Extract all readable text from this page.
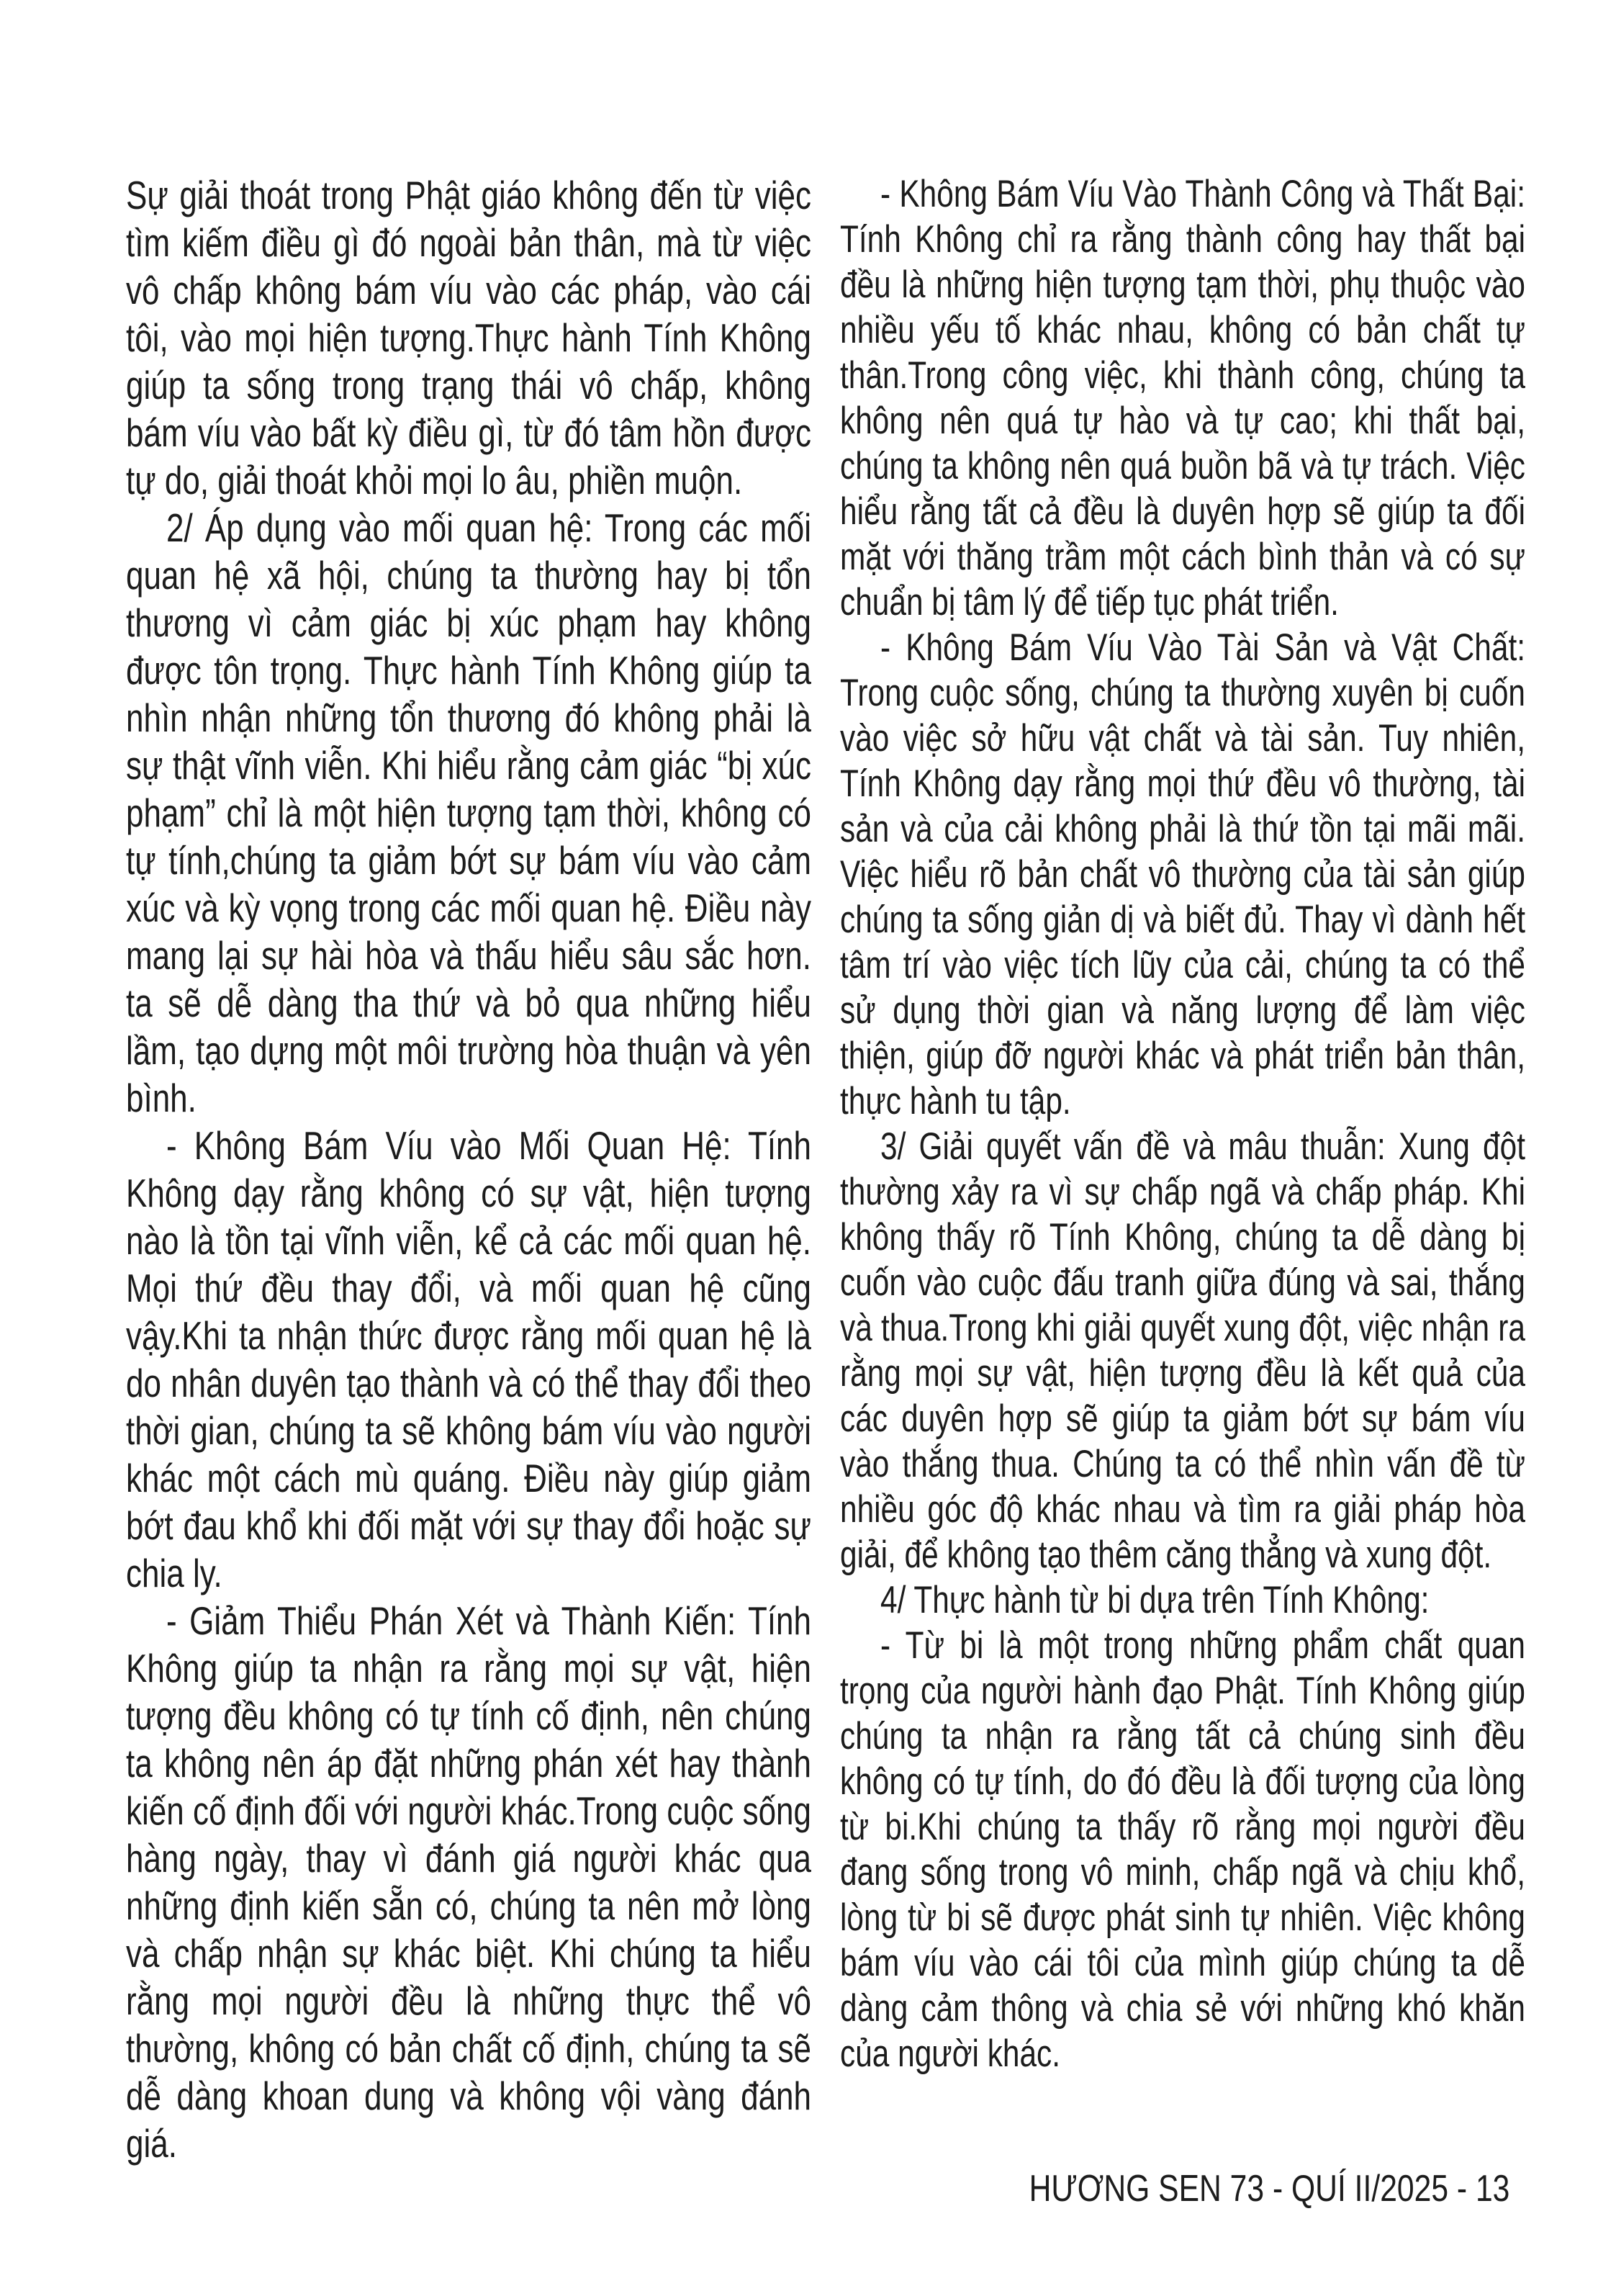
Sự giải thoát trong Phật giáo không đến từ việc tìm kiếm điều gì đó ngoài bản thân, mà từ việc vô chấp không bám víu vào các pháp, vào cái tôi, vào mọi hiện tượng.Thực hành Tính Không giúp ta sống trong trạng thái vô chấp, không bám víu vào bất kỳ điều gì, từ đó tâm hồn được tự do, giải thoát khỏi mọi lo âu, phiền muộn.

2/ Áp dụng vào mối quan hệ: Trong các mối quan hệ xã hội, chúng ta thường hay bị tổn thương vì cảm giác bị xúc phạm hay không được tôn trọng. Thực hành Tính Không giúp ta nhìn nhận những tổn thương đó không phải là sự thật vĩnh viễn. Khi hiểu rằng cảm giác “bị xúc phạm” chỉ là một hiện tượng tạm thời, không có tự tính,chúng ta giảm bớt sự bám víu vào cảm xúc và kỳ vọng trong các mối quan hệ. Điều này mang lại sự hài hòa và thấu hiểu sâu sắc hơn. ta sẽ dễ dàng tha thứ và bỏ qua những hiểu lầm, tạo dựng một môi trường hòa thuận và yên bình.

- Không Bám Víu vào Mối Quan Hệ: Tính Không dạy rằng không có sự vật, hiện tượng nào là tồn tại vĩnh viễn, kể cả các mối quan hệ. Mọi thứ đều thay đổi, và mối quan hệ cũng vậy.Khi ta nhận thức được rằng mối quan hệ là do nhân duyên tạo thành và có thể thay đổi theo thời gian, chúng ta sẽ không bám víu vào người khác một cách mù quáng. Điều này giúp giảm bớt đau khổ khi đối mặt với sự thay đổi hoặc sự chia ly.

- Giảm Thiểu Phán Xét và Thành Kiến: Tính Không giúp ta nhận ra rằng mọi sự vật, hiện tượng đều không có tự tính cố định, nên chúng ta không nên áp đặt những phán xét hay thành kiến cố định đối với người khác.Trong cuộc sống hàng ngày, thay vì đánh giá người khác qua những định kiến sẵn có, chúng ta nên mở lòng và chấp nhận sự khác biệt. Khi chúng ta hiểu rằng mọi người đều là những thực thể vô thường, không có bản chất cố định, chúng ta sẽ dễ dàng khoan dung và không vội vàng đánh giá.

- Không Bám Víu Vào Thành Công và Thất Bại: Tính Không chỉ ra rằng thành công hay thất bại đều là những hiện tượng tạm thời, phụ thuộc vào nhiều yếu tố khác nhau, không có bản chất tự thân.Trong công việc, khi thành công, chúng ta không nên quá tự hào và tự cao; khi thất bại, chúng ta không nên quá buồn bã và tự trách. Việc hiểu rằng tất cả đều là duyên hợp sẽ giúp ta đối mặt với thăng trầm một cách bình thản và có sự chuẩn bị tâm lý để tiếp tục phát triển.

- Không Bám Víu Vào Tài Sản và Vật Chất: Trong cuộc sống, chúng ta thường xuyên bị cuốn vào việc sở hữu vật chất và tài sản. Tuy nhiên, Tính Không dạy rằng mọi thứ đều vô thường, tài sản và của cải không phải là thứ tồn tại mãi mãi. Việc hiểu rõ bản chất vô thường của tài sản giúp chúng ta sống giản dị và biết đủ. Thay vì dành hết tâm trí vào việc tích lũy của cải, chúng ta có thể sử dụng thời gian và năng lượng để làm việc thiện, giúp đỡ người khác và phát triển bản thân, thực hành tu tập.

3/ Giải quyết vấn đề và mâu thuẫn: Xung đột thường xảy ra vì sự chấp ngã và chấp pháp. Khi không thấy rõ Tính Không, chúng ta dễ dàng bị cuốn vào cuộc đấu tranh giữa đúng và sai, thắng và thua.Trong khi giải quyết xung đột, việc nhận ra rằng mọi sự vật, hiện tượng đều là kết quả của các duyên hợp sẽ giúp ta giảm bớt sự bám víu vào thắng thua. Chúng ta có thể nhìn vấn đề từ nhiều góc độ khác nhau và tìm ra giải pháp hòa giải, để không tạo thêm căng thẳng và xung đột.

4/ Thực hành từ bi dựa trên Tính Không:

- Từ bi là một trong những phẩm chất quan trọng của người hành đạo Phật. Tính Không giúp chúng ta nhận ra rằng tất cả chúng sinh đều không có tự tính, do đó đều là đối tượng của lòng từ bi.Khi chúng ta thấy rõ rằng mọi người đều đang sống trong vô minh, chấp ngã và chịu khổ, lòng từ bi sẽ được phát sinh tự nhiên. Việc không bám víu vào cái tôi của mình giúp chúng ta dễ dàng cảm thông và chia sẻ với những khó khăn của người khác.

HƯƠNG SEN 73 - QUÍ II/2025 - 13
